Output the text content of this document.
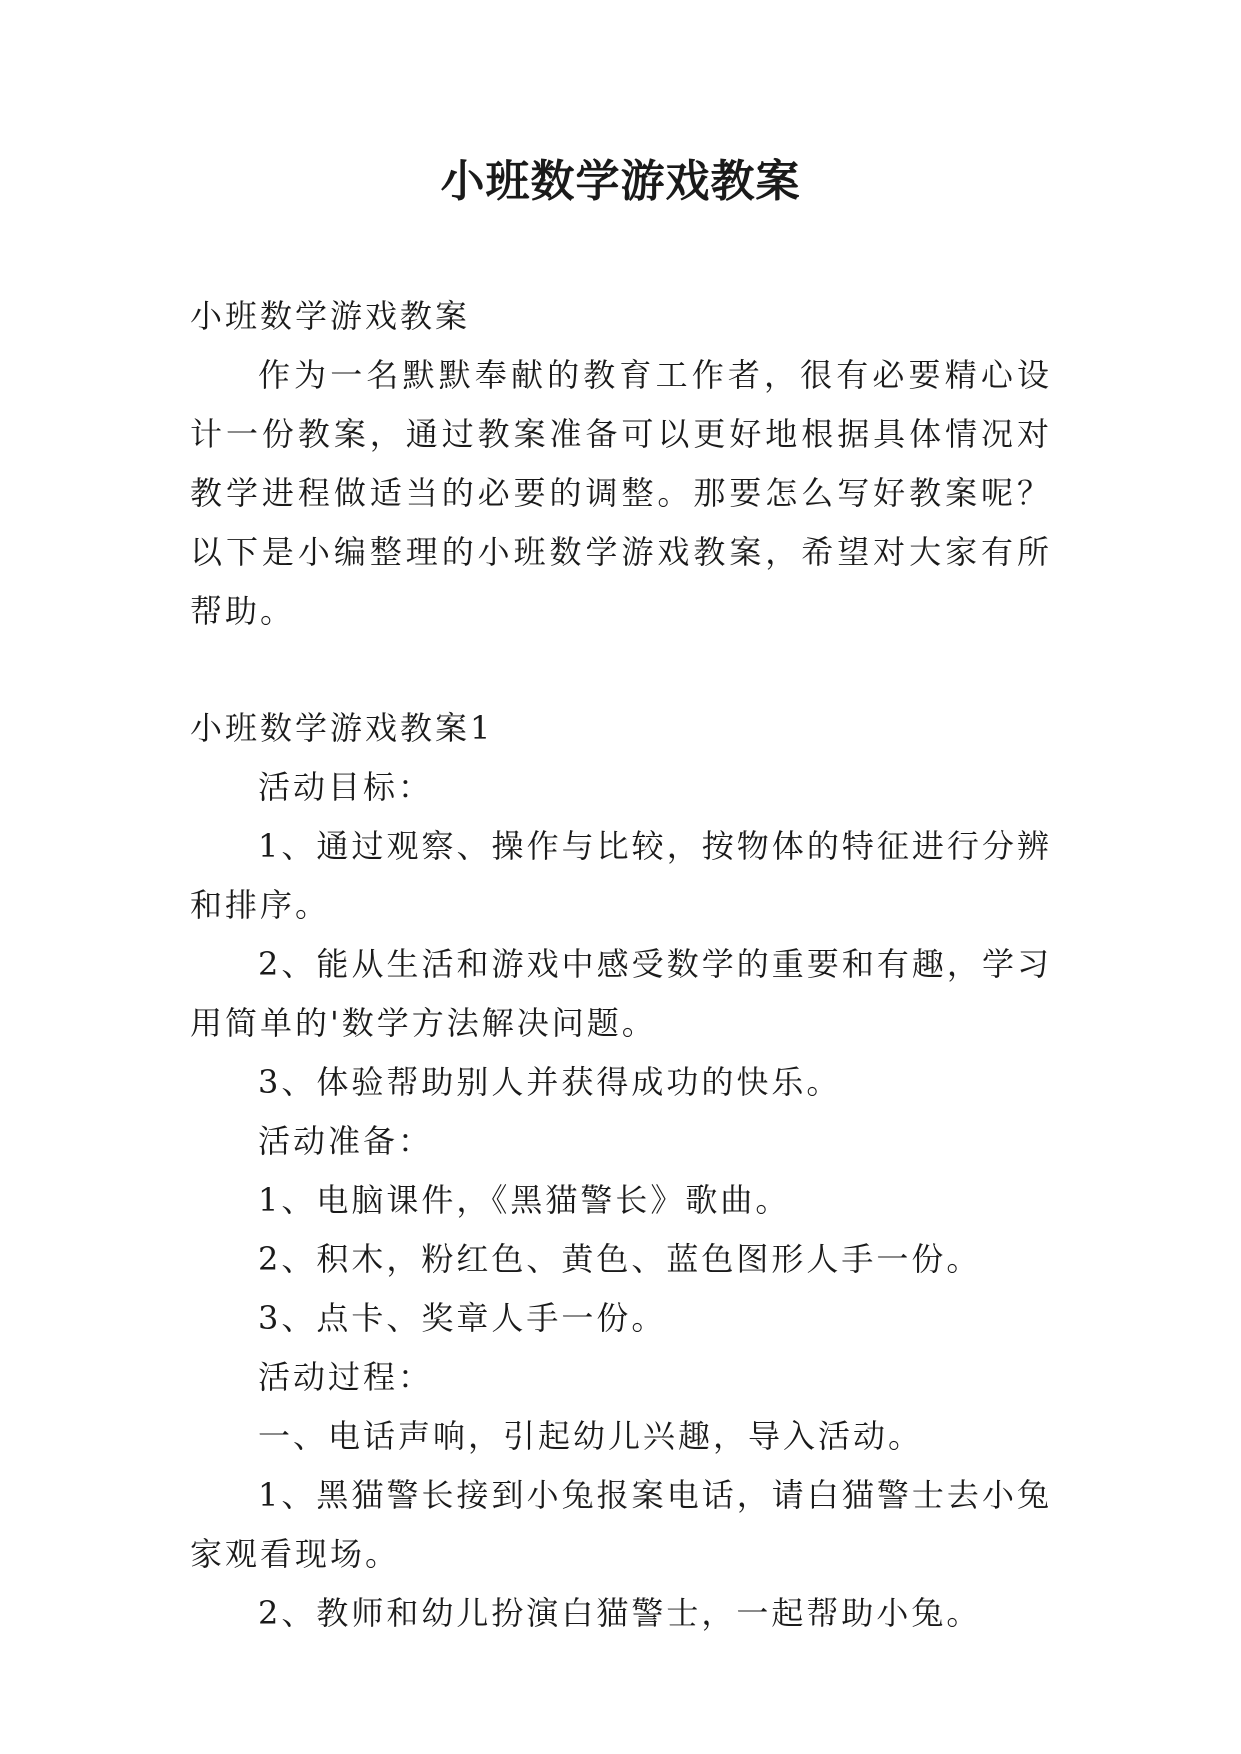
小班数学游戏教案

小班数学游戏教案

作为一名默默奉献的教育工作者，很有必要精心设计一份教案，通过教案准备可以更好地根据具体情况对教学进程做适当的必要的调整。那要怎么写好教案呢？以下是小编整理的小班数学游戏教案，希望对大家有所帮助。

小班数学游戏教案1

活动目标：

1、通过观察、操作与比较，按物体的特征进行分辨和排序。

2、能从生活和游戏中感受数学的重要和有趣，学习用简单的'数学方法解决问题。

3、体验帮助别人并获得成功的快乐。

活动准备：

1、电脑课件，《黑猫警长》歌曲。

2、积木，粉红色、黄色、蓝色图形人手一份。

3、点卡、奖章人手一份。

活动过程：

一、电话声响，引起幼儿兴趣，导入活动。

1、黑猫警长接到小兔报案电话，请白猫警士去小兔家观看现场。

2、教师和幼儿扮演白猫警士，一起帮助小兔。
